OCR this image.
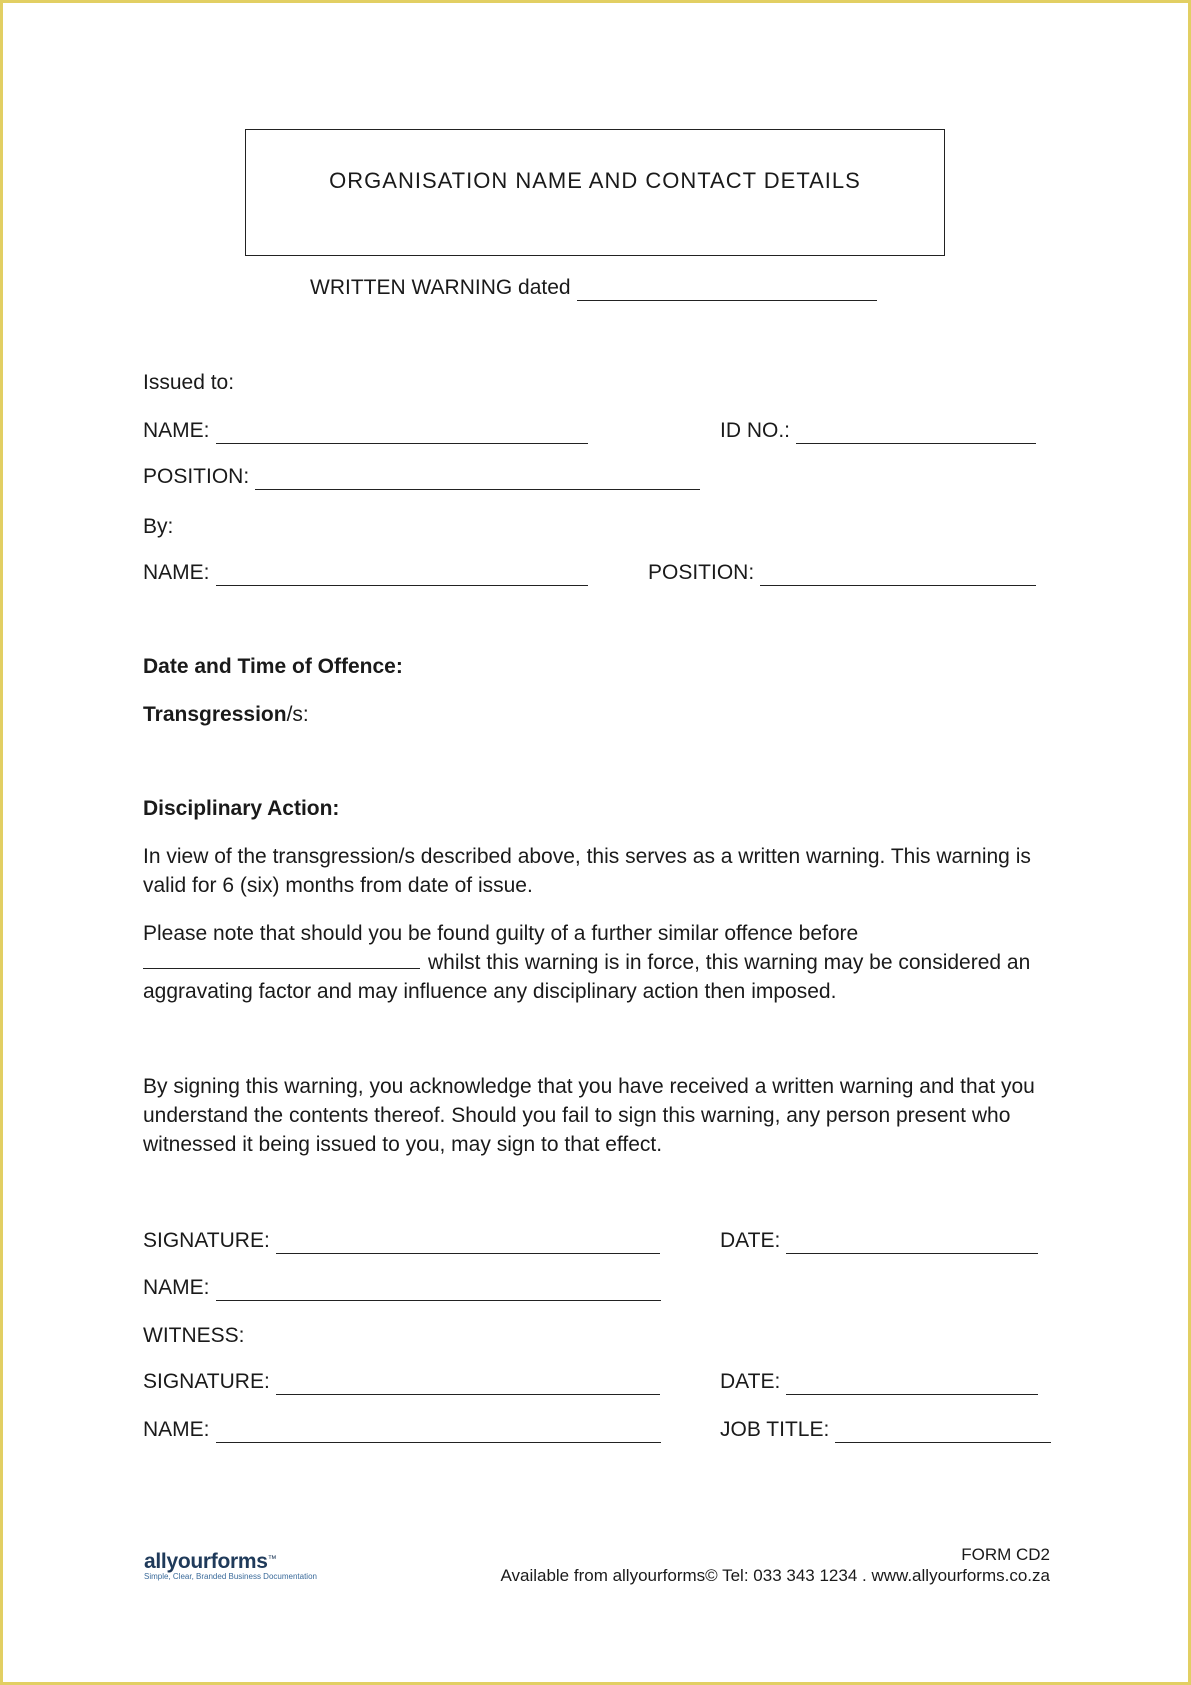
ORGANISATION NAME AND CONTACT DETAILS
WRITTEN WARNING dated
Issued to:
NAME:	ID NO.:
POSITION:
By:
NAME:	POSITION:
Date and Time of Offence:
Transgression/s:
Disciplinary Action:
In view of the transgression/s described above, this serves as a written warning. This warning is valid for 6 (six) months from date of issue.
Please note that should you be found guilty of a further similar offence before
whilst this warning is in force, this warning may be considered an aggravating factor and may influence any disciplinary action then imposed.
By signing this warning, you acknowledge that you have received a written warning and that you understand the contents thereof. Should you fail to sign this warning, any person present who witnessed it being issued to you, may sign to that effect.
SIGNATURE:	DATE:
NAME:
WITNESS:
SIGNATURE:	DATE:
NAME:	JOB TITLE:
allyourforms™
Simple, Clear, Branded Business Documentation
FORM CD2
Available from allyourforms© Tel: 033 343 1234 . www.allyourforms.co.za
